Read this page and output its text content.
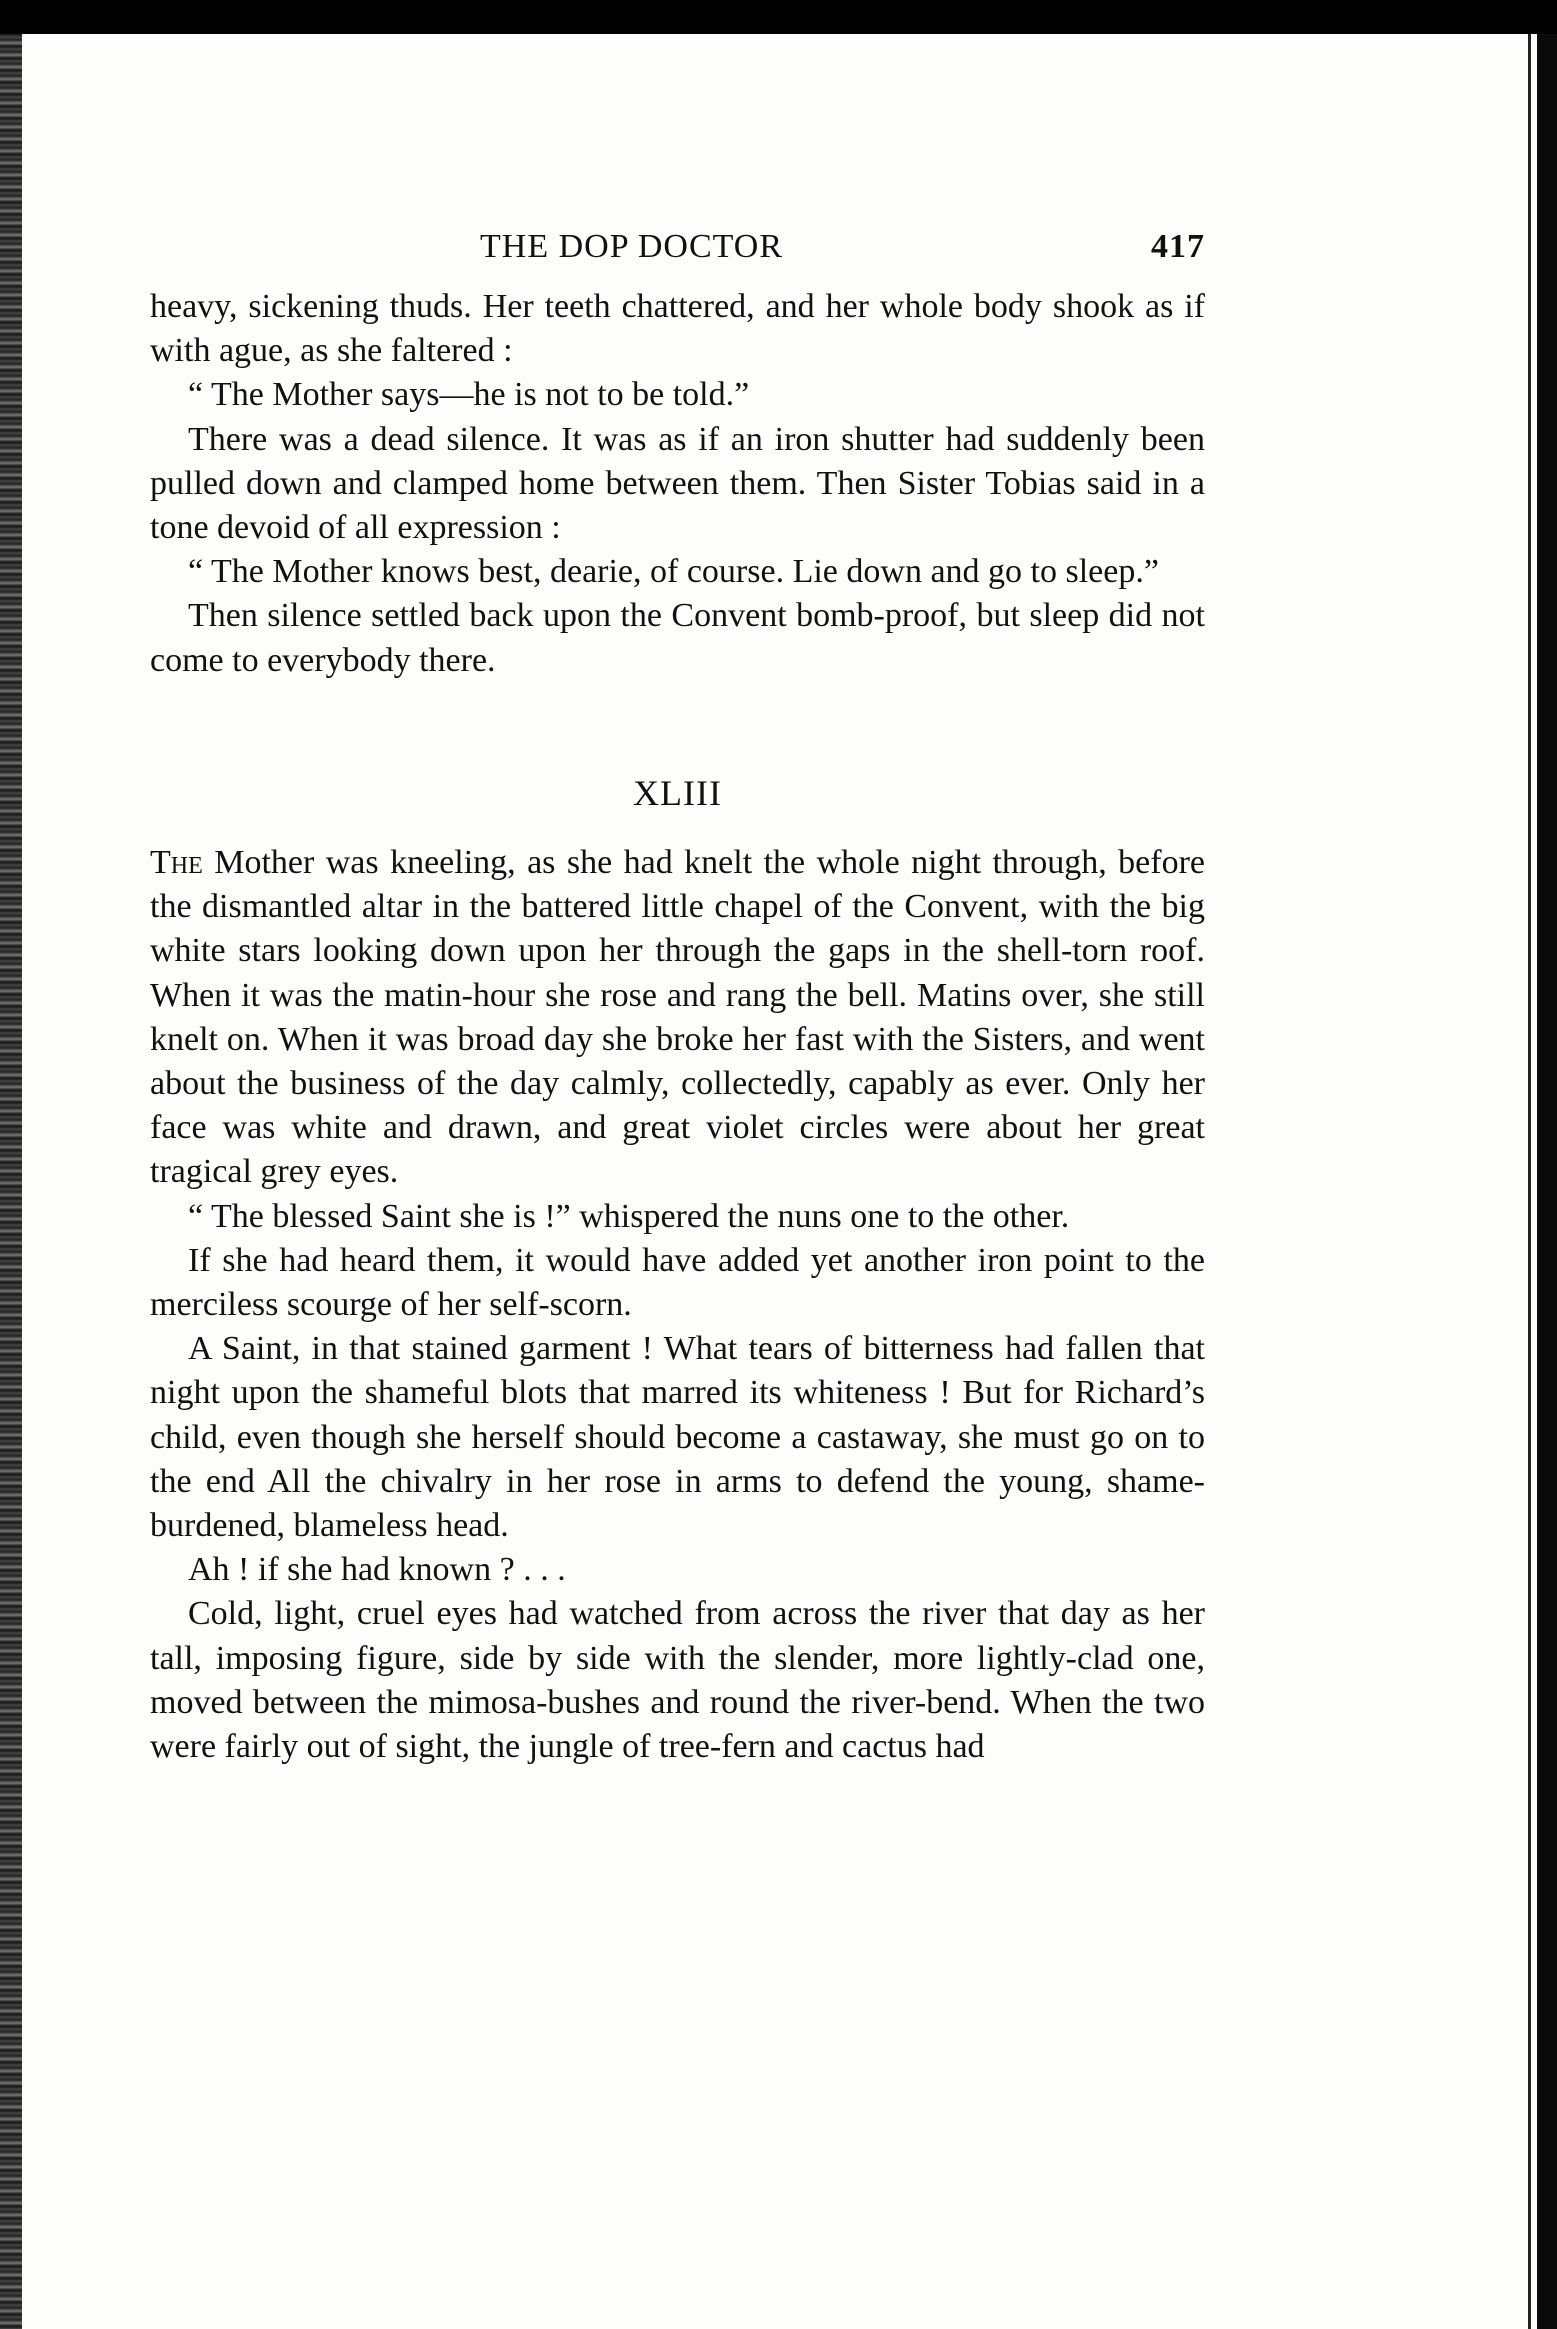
THE DOP DOCTOR	417

heavy, sickening thuds. Her teeth chattered, and her whole body shook as if with ague, as she faltered :

“ The Mother says—he is not to be told.”

There was a dead silence. It was as if an iron shutter had suddenly been pulled down and clamped home between them. Then Sister Tobias said in a tone devoid of all expression :

“ The Mother knows best, dearie, of course. Lie down and go to sleep.”

Then silence settled back upon the Convent bomb-proof, but sleep did not come to everybody there.

XLIII

The Mother was kneeling, as she had knelt the whole night through, before the dismantled altar in the battered little chapel of the Convent, with the big white stars looking down upon her through the gaps in the shell-torn roof. When it was the matin-hour she rose and rang the bell. Matins over, she still knelt on. When it was broad day she broke her fast with the Sisters, and went about the business of the day calmly, collectedly, capably as ever. Only her face was white and drawn, and great violet circles were about her great tragical grey eyes.

“ The blessed Saint she is !” whispered the nuns one to the other.

If she had heard them, it would have added yet another iron point to the merciless scourge of her self-scorn.

A Saint, in that stained garment ! What tears of bitterness had fallen that night upon the shameful blots that marred its whiteness ! But for Richard’s child, even though she herself should become a castaway, she must go on to the end All the chivalry in her rose in arms to defend the young, shame-burdened, blameless head.

Ah ! if she had known ? . . .

Cold, light, cruel eyes had watched from across the river that day as her tall, imposing figure, side by side with the slender, more lightly-clad one, moved between the mimosa-bushes and round the river-bend. When the two were fairly out of sight, the jungle of tree-fern and cactus had
